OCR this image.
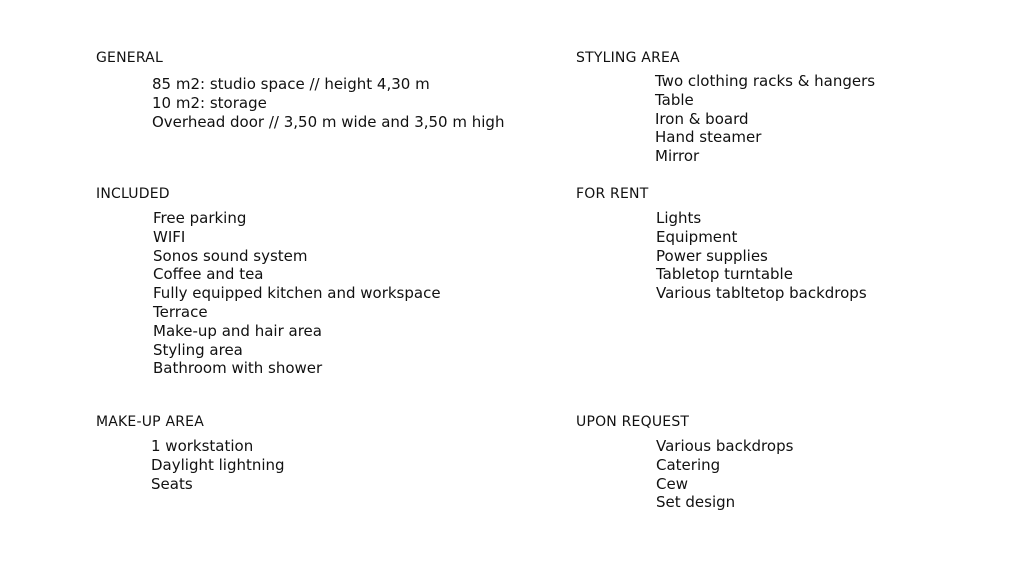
GENERAL
85 m2: studio space // height 4,30 m
10 m2: storage
Overhead door // 3,50 m wide and 3,50 m high
STYLING AREA
Two clothing racks & hangers
Table
Iron & board
Hand steamer
Mirror
INCLUDED
Free parking
WIFI
Sonos sound system
Coffee and tea
Fully equipped kitchen and workspace
Terrace
Make-up and hair area
Styling area
Bathroom with shower
FOR RENT
Lights
Equipment
Power supplies
Tabletop turntable
Various tabltetop backdrops
MAKE-UP AREA
1 workstation
Daylight lightning
Seats
UPON REQUEST
Various backdrops
Catering
Cew
Set design
